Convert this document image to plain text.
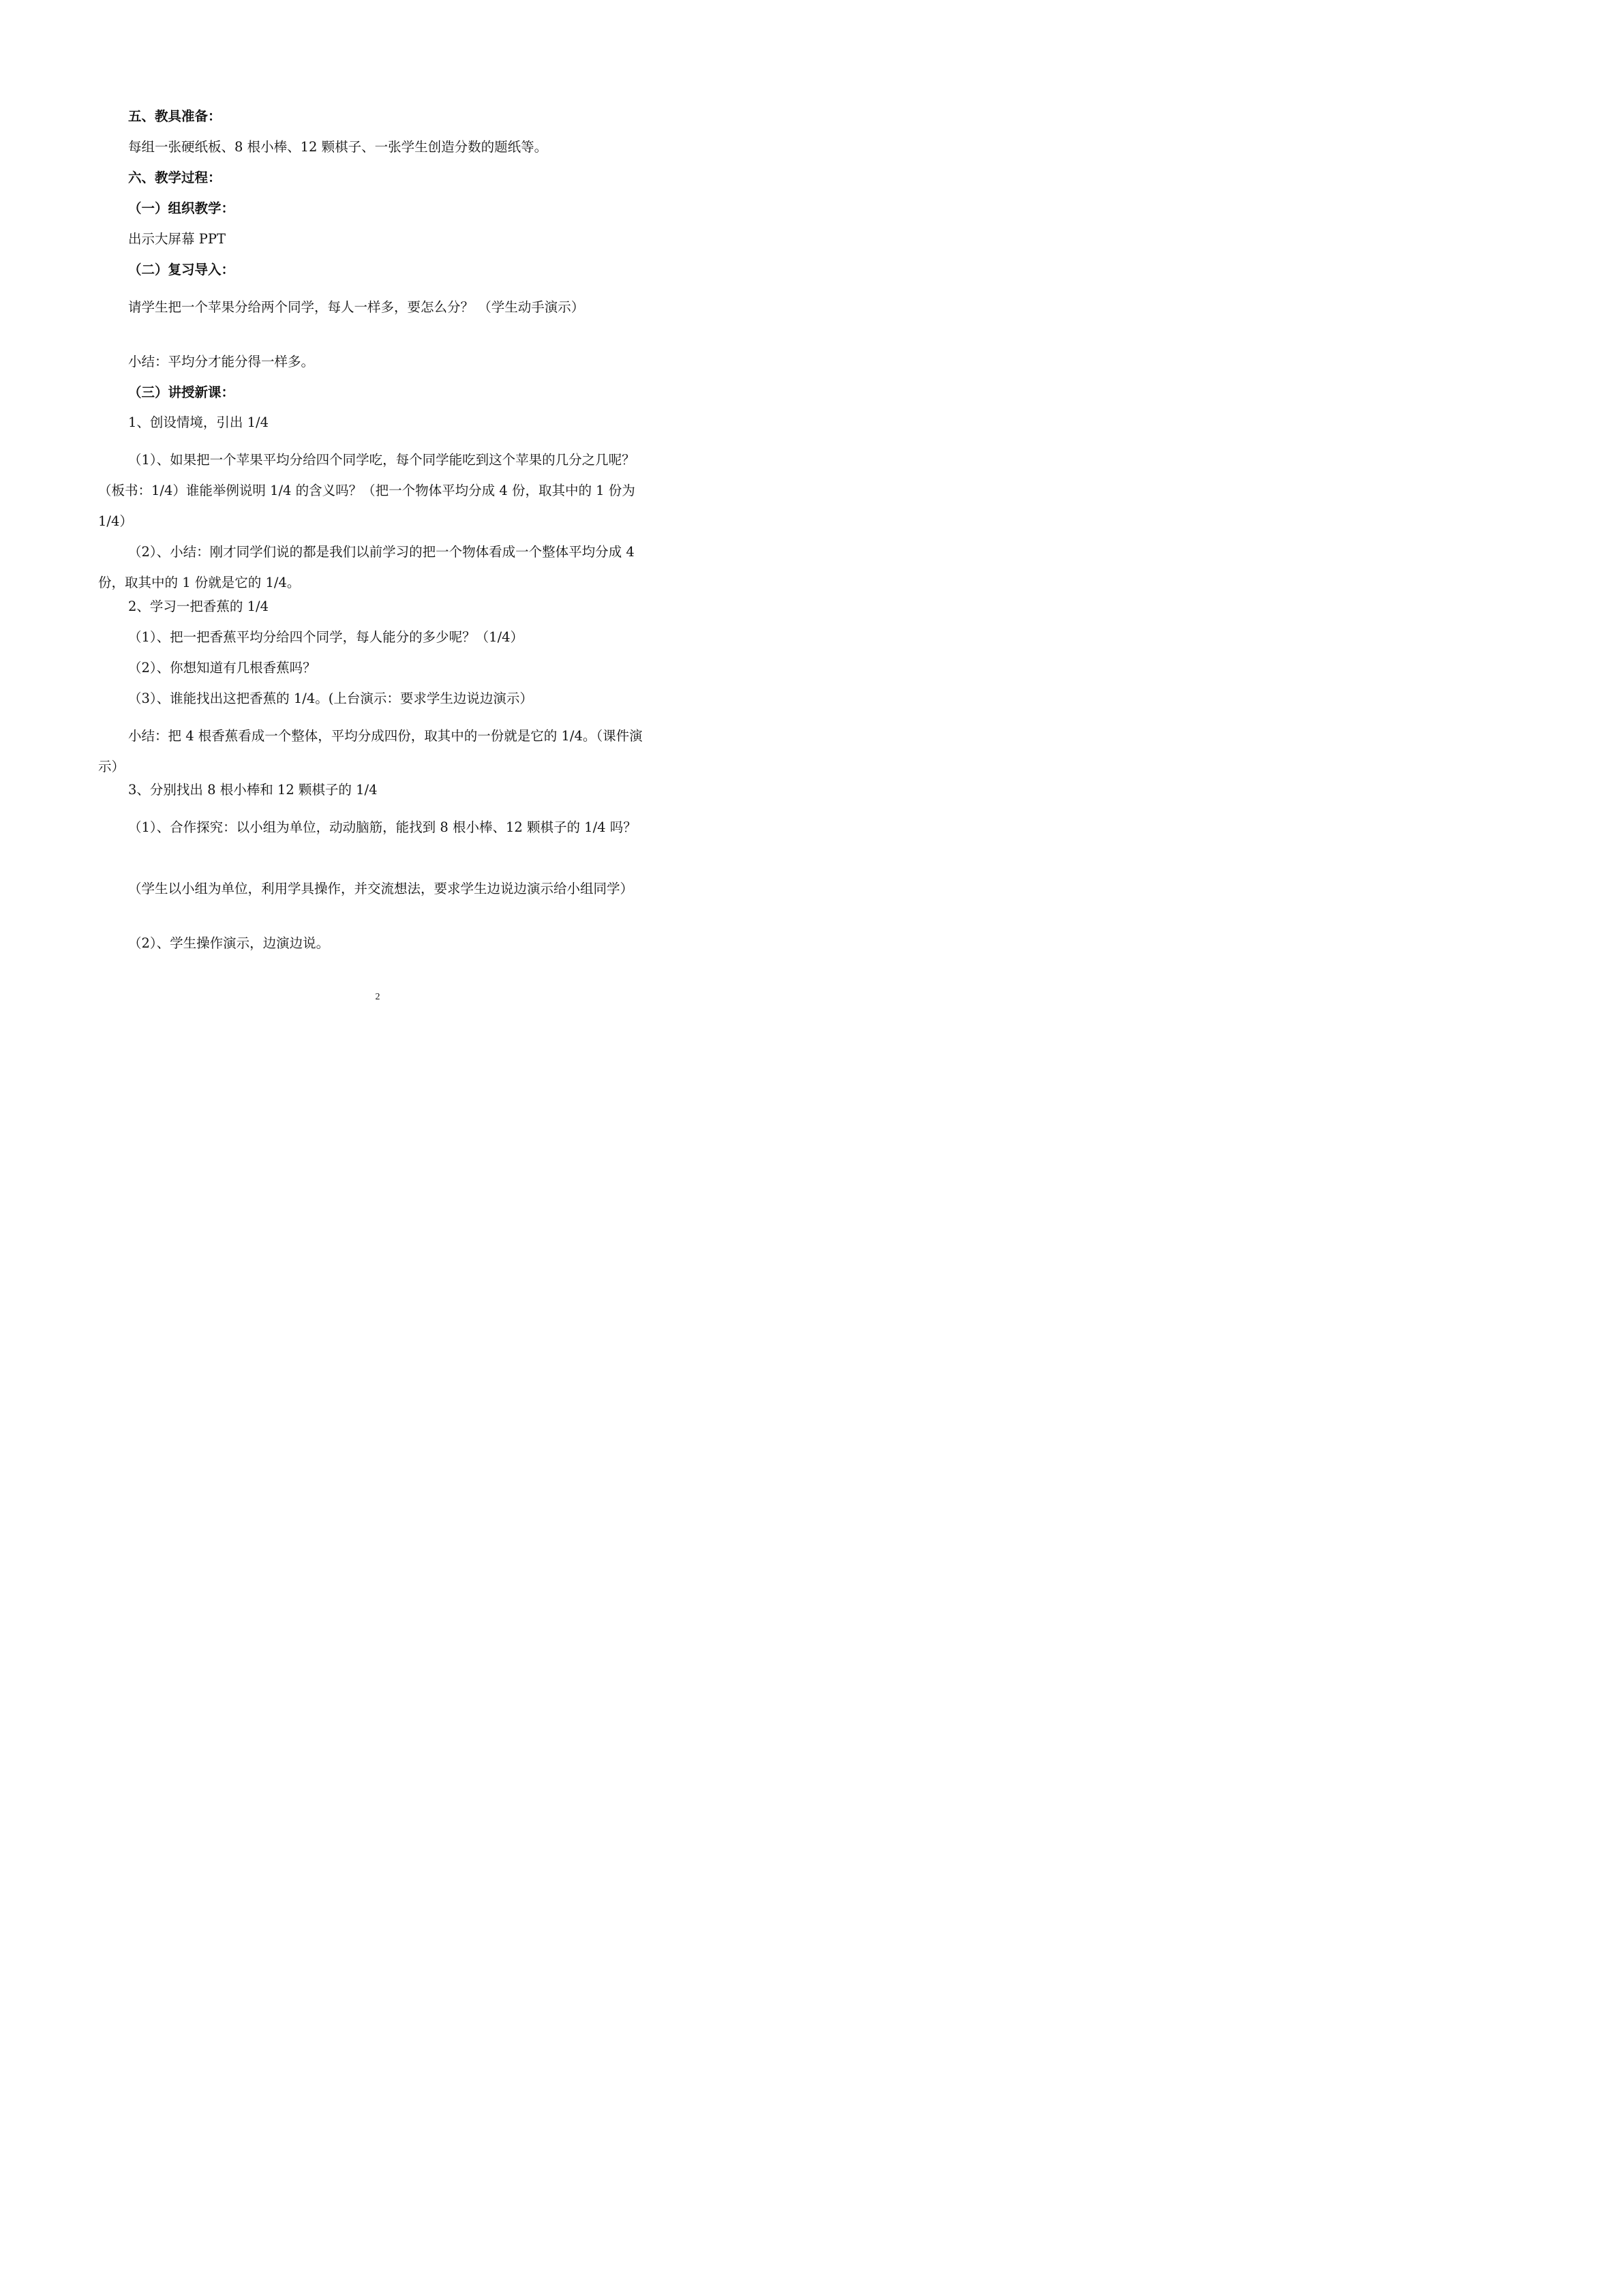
五、教具准备：

每组一张硬纸板、8 根小棒、12 颗棋子、一张学生创造分数的题纸等。

六、教学过程：

（一）组织教学：

出示大屏幕 PPT

（二）复习导入：

请学生把一个苹果分给两个同学，每人一样多，要怎么分？ （学生动手演示）

小结：平均分才能分得一样多。

（三）讲授新课：

1、创设情境，引出 1/4

（1）、如果把一个苹果平均分给四个同学吃，每个同学能吃到这个苹果的几分之几呢？（板书：1/4）谁能举例说明 1/4 的含义吗？（把一个物体平均分成 4 份，取其中的 1 份为 1/4）

（2）、小结：刚才同学们说的都是我们以前学习的把一个物体看成一个整体平均分成 4 份，取其中的 1 份就是它的 1/4。

2、学习一把香蕉的 1/4

（1）、把一把香蕉平均分给四个同学，每人能分的多少呢？（1/4）

（2）、你想知道有几根香蕉吗？

（3）、谁能找出这把香蕉的 1/4。(上台演示：要求学生边说边演示）

小结：把 4 根香蕉看成一个整体，平均分成四份，取其中的一份就是它的 1/4。（课件演示）

3、分别找出 8 根小棒和 12 颗棋子的 1/4

（1）、合作探究：以小组为单位，动动脑筋，能找到 8 根小棒、12 颗棋子的 1/4 吗？

（学生以小组为单位，利用学具操作，并交流想法，要求学生边说边演示给小组同学）

（2）、学生操作演示，边演边说。

2
